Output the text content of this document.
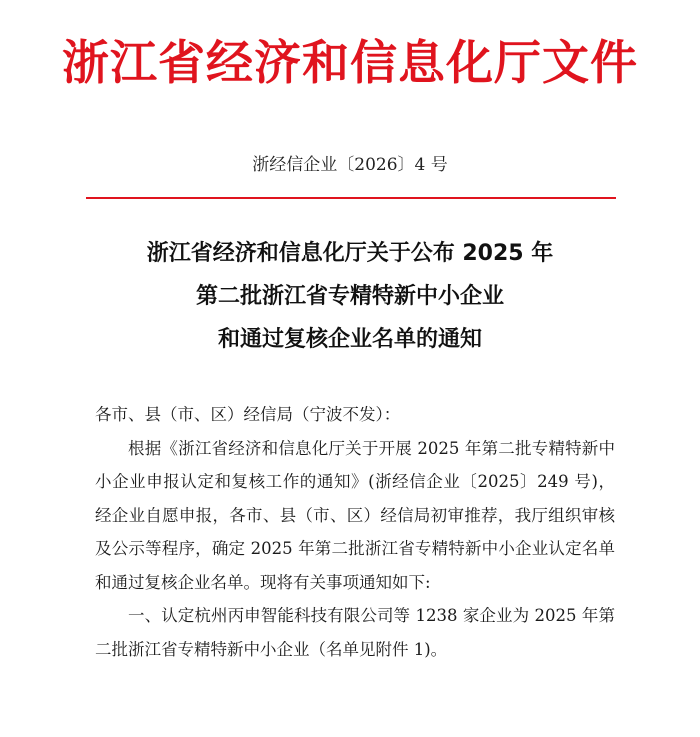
浙江省经济和信息化厅文件
浙经信企业〔2026〕4 号
浙江省经济和信息化厅关于公布 2025 年
第二批浙江省专精特新中小企业
和通过复核企业名单的通知

各市、县（市、区）经信局（宁波不发）：

根据《浙江省经济和信息化厅关于开展 2025 年第二批专精特新中小企业申报认定和复核工作的通知》(浙经信企业〔2025〕249 号)，经企业自愿申报，各市、县（市、区）经信局初审推荐，我厅组织审核及公示等程序，确定 2025 年第二批浙江省专精特新中小企业认定名单和通过复核企业名单。现将有关事项通知如下:

一、认定杭州丙申智能科技有限公司等 1238 家企业为 2025 年第二批浙江省专精特新中小企业（名单见附件 1)。
